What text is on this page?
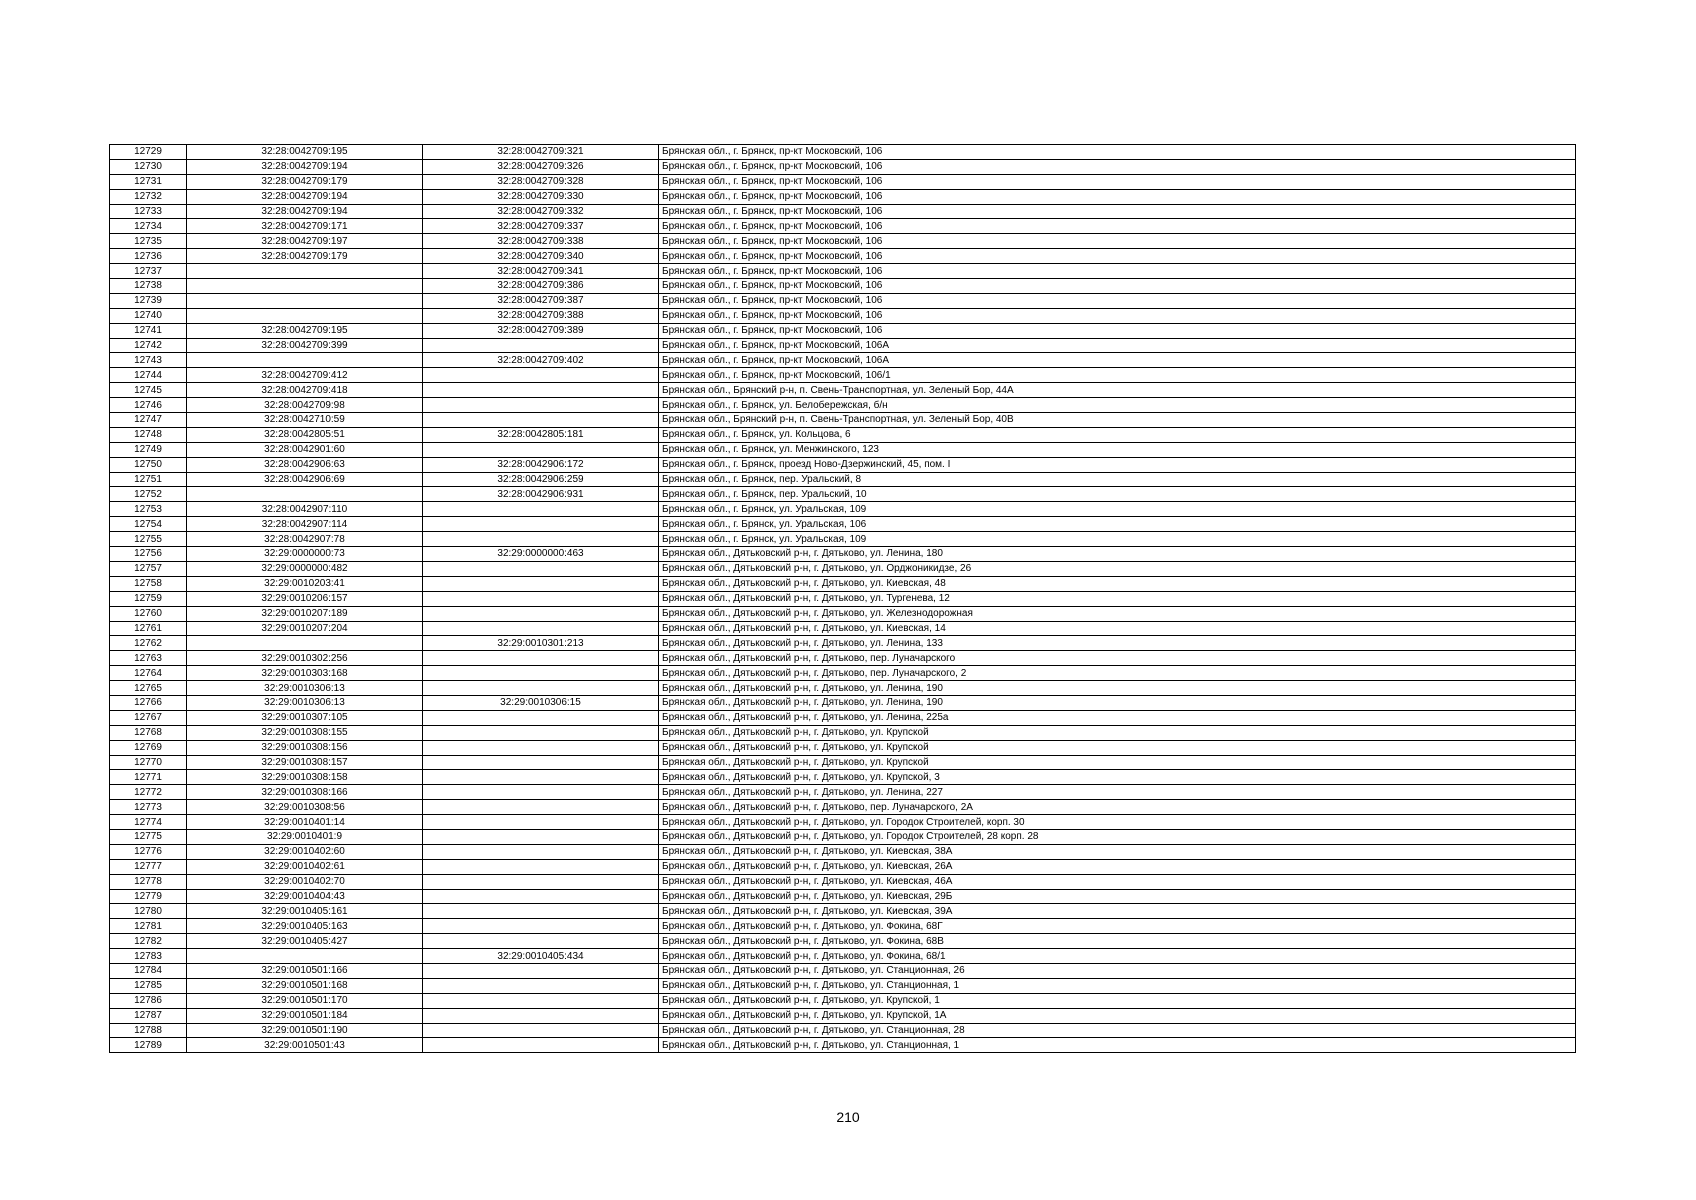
12729	32:28:0042709:195	32:28:0042709:321	Брянская обл., г. Брянск, пр-кт Московский, 106
12730	32:28:0042709:194	32:28:0042709:326	Брянская обл., г. Брянск, пр-кт Московский, 106
12731	32:28:0042709:179	32:28:0042709:328	Брянская обл., г. Брянск, пр-кт Московский, 106
12732	32:28:0042709:194	32:28:0042709:330	Брянская обл., г. Брянск, пр-кт Московский, 106
12733	32:28:0042709:194	32:28:0042709:332	Брянская обл., г. Брянск, пр-кт Московский, 106
12734	32:28:0042709:171	32:28:0042709:337	Брянская обл., г. Брянск, пр-кт Московский, 106
12735	32:28:0042709:197	32:28:0042709:338	Брянская обл., г. Брянск, пр-кт Московский, 106
12736	32:28:0042709:179	32:28:0042709:340	Брянская обл., г. Брянск, пр-кт Московский, 106
12737		32:28:0042709:341	Брянская обл., г. Брянск, пр-кт Московский, 106
12738		32:28:0042709:386	Брянская обл., г. Брянск, пр-кт Московский, 106
12739		32:28:0042709:387	Брянская обл., г. Брянск, пр-кт Московский, 106
12740		32:28:0042709:388	Брянская обл., г. Брянск, пр-кт Московский, 106
12741	32:28:0042709:195	32:28:0042709:389	Брянская обл., г. Брянск, пр-кт Московский, 106
12742	32:28:0042709:399		Брянская обл., г. Брянск, пр-кт Московский, 106А
12743		32:28:0042709:402	Брянская обл., г. Брянск, пр-кт Московский, 106А
12744	32:28:0042709:412		Брянская обл., г. Брянск, пр-кт Московский, 106/1
12745	32:28:0042709:418		Брянская обл., Брянский р-н, п. Свень-Транспортная, ул. Зеленый Бор, 44А
12746	32:28:0042709:98		Брянская обл., г. Брянск, ул. Белобережская, б/н
12747	32:28:0042710:59		Брянская обл., Брянский р-н, п. Свень-Транспортная, ул. Зеленый Бор, 40В
12748	32:28:0042805:51	32:28:0042805:181	Брянская обл., г. Брянск, ул. Кольцова, 6
12749	32:28:0042901:60		Брянская обл., г. Брянск, ул. Менжинского, 123
12750	32:28:0042906:63	32:28:0042906:172	Брянская обл., г. Брянск, проезд Ново-Дзержинский, 45, пом. I
12751	32:28:0042906:69	32:28:0042906:259	Брянская обл., г. Брянск, пер. Уральский, 8
12752		32:28:0042906:931	Брянская обл., г. Брянск, пер. Уральский, 10
12753	32:28:0042907:110		Брянская обл., г. Брянск, ул. Уральская, 109
12754	32:28:0042907:114		Брянская обл., г. Брянск, ул. Уральская, 106
12755	32:28:0042907:78		Брянская обл., г. Брянск, ул. Уральская, 109
12756	32:29:0000000:73	32:29:0000000:463	Брянская обл., Дятьковский р-н, г. Дятьково, ул. Ленина, 180
12757	32:29:0000000:482		Брянская обл., Дятьковский р-н, г. Дятьково, ул. Орджоникидзе, 26
12758	32:29:0010203:41		Брянская обл., Дятьковский р-н, г. Дятьково, ул. Киевская, 48
12759	32:29:0010206:157		Брянская обл., Дятьковский р-н, г. Дятьково, ул. Тургенева, 12
12760	32:29:0010207:189		Брянская обл., Дятьковский р-н, г. Дятьково, ул. Железнодорожная
12761	32:29:0010207:204		Брянская обл., Дятьковский р-н, г. Дятьково, ул. Киевская, 14
12762		32:29:0010301:213	Брянская обл., Дятьковский р-н, г. Дятьково, ул. Ленина, 133
12763	32:29:0010302:256		Брянская обл., Дятьковский р-н, г. Дятьково, пер. Луначарского
12764	32:29:0010303:168		Брянская обл., Дятьковский р-н, г. Дятьково, пер. Луначарского, 2
12765	32:29:0010306:13		Брянская обл., Дятьковский р-н, г. Дятьково, ул. Ленина, 190
12766	32:29:0010306:13	32:29:0010306:15	Брянская обл., Дятьковский р-н, г. Дятьково, ул. Ленина, 190
12767	32:29:0010307:105		Брянская обл., Дятьковский р-н, г. Дятьково, ул. Ленина, 225а
12768	32:29:0010308:155		Брянская обл., Дятьковский р-н, г. Дятьково, ул. Крупской
12769	32:29:0010308:156		Брянская обл., Дятьковский р-н, г. Дятьково, ул. Крупской
12770	32:29:0010308:157		Брянская обл., Дятьковский р-н, г. Дятьково, ул. Крупской
12771	32:29:0010308:158		Брянская обл., Дятьковский р-н, г. Дятьково, ул. Крупской, 3
12772	32:29:0010308:166		Брянская обл., Дятьковский р-н, г. Дятьково, ул. Ленина, 227
12773	32:29:0010308:56		Брянская обл., Дятьковский р-н, г. Дятьково, пер. Луначарского, 2А
12774	32:29:0010401:14		Брянская обл., Дятьковский р-н, г. Дятьково, ул. Городок Строителей, корп. 30
12775	32:29:0010401:9		Брянская обл., Дятьковский р-н, г. Дятьково, ул. Городок Строителей, 28 корп. 28
12776	32:29:0010402:60		Брянская обл., Дятьковский р-н, г. Дятьково, ул. Киевская, 38А
12777	32:29:0010402:61		Брянская обл., Дятьковский р-н, г. Дятьково, ул. Киевская, 26А
12778	32:29:0010402:70		Брянская обл., Дятьковский р-н, г. Дятьково, ул. Киевская, 46А
12779	32:29:0010404:43		Брянская обл., Дятьковский р-н, г. Дятьково, ул. Киевская, 29Б
12780	32:29:0010405:161		Брянская обл., Дятьковский р-н, г. Дятьково, ул. Киевская, 39А
12781	32:29:0010405:163		Брянская обл., Дятьковский р-н, г. Дятьково, ул. Фокина, 68Г
12782	32:29:0010405:427		Брянская обл., Дятьковский р-н, г. Дятьково, ул. Фокина, 68В
12783		32:29:0010405:434	Брянская обл., Дятьковский р-н, г. Дятьково, ул. Фокина, 68/1
12784	32:29:0010501:166		Брянская обл., Дятьковский р-н, г. Дятьково, ул. Станционная, 26
12785	32:29:0010501:168		Брянская обл., Дятьковский р-н, г. Дятьково, ул. Станционная, 1
12786	32:29:0010501:170		Брянская обл., Дятьковский р-н, г. Дятьково, ул. Крупской, 1
12787	32:29:0010501:184		Брянская обл., Дятьковский р-н, г. Дятьково, ул. Крупской, 1А
12788	32:29:0010501:190		Брянская обл., Дятьковский р-н, г. Дятьково, ул. Станционная, 28
12789	32:29:0010501:43		Брянская обл., Дятьковский р-н, г. Дятьково, ул. Станционная, 1
210
